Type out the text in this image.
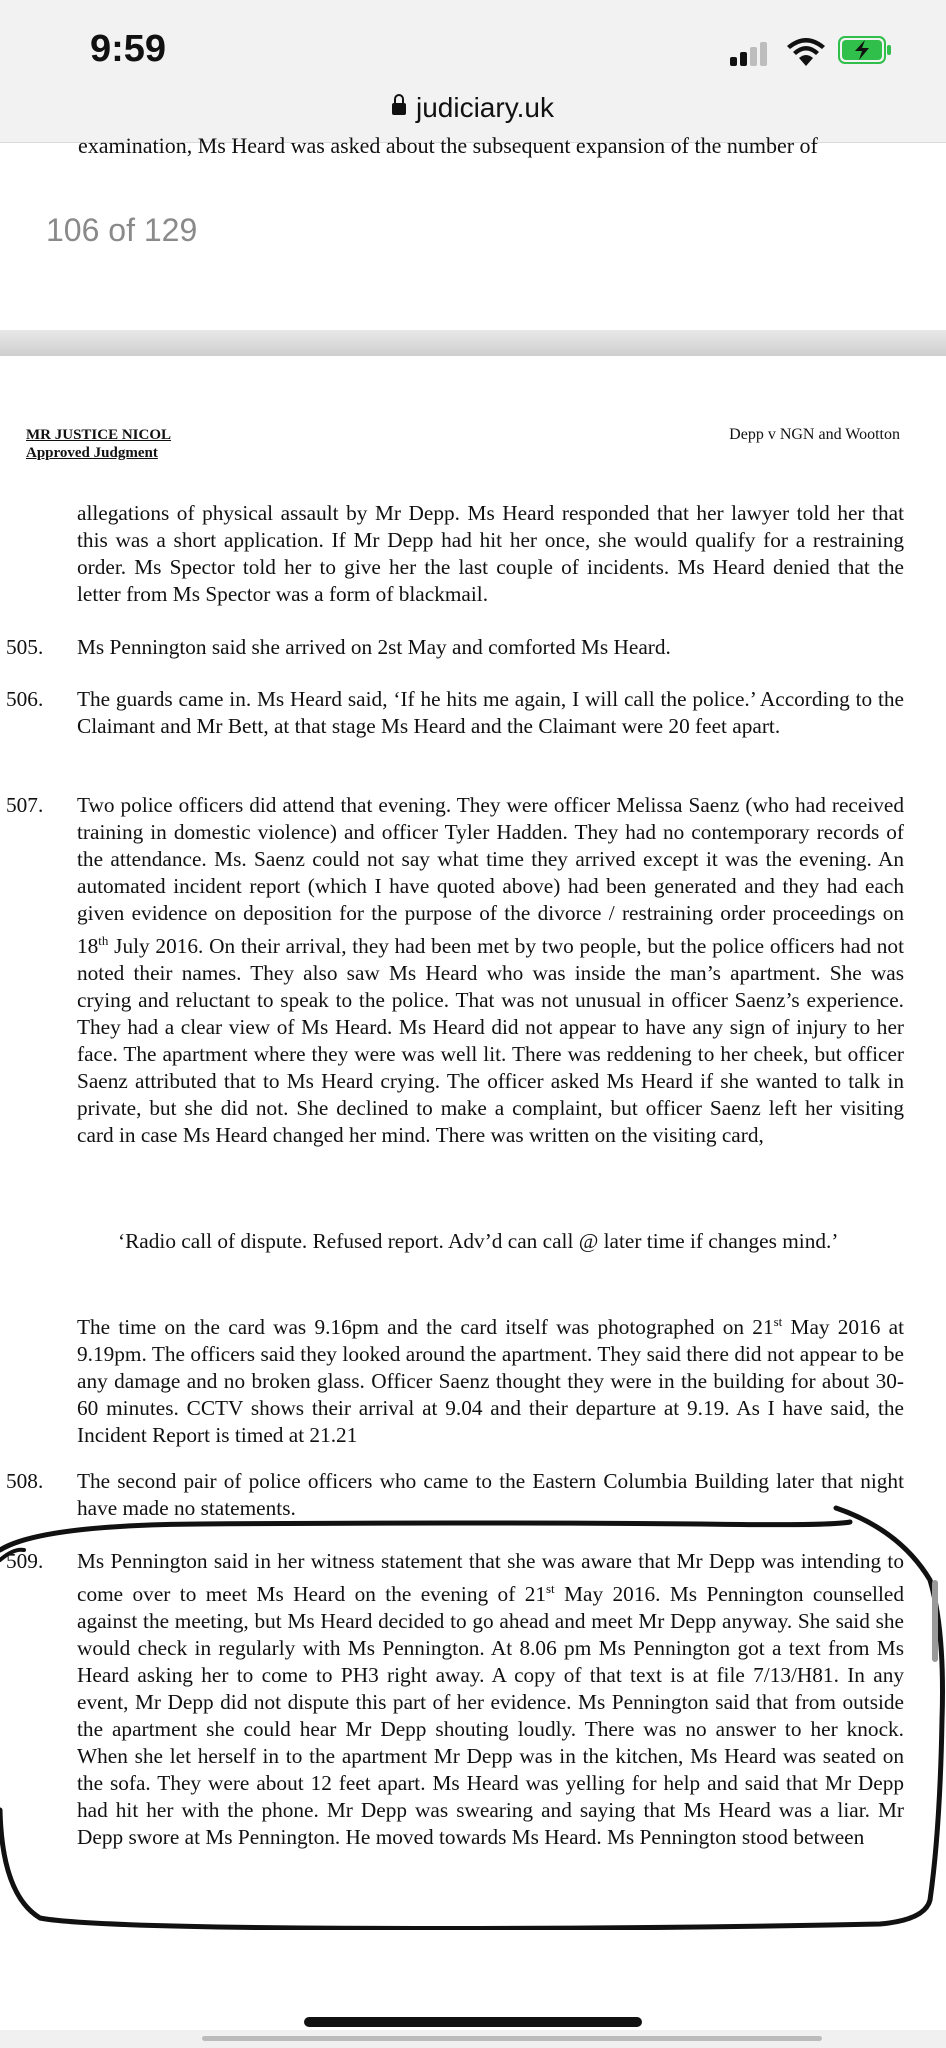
9:59
judiciary.uk
examination, Ms Heard was asked about the subsequent expansion of the number of
106 of 129
MR JUSTICE NICOL
Approved Judgment
Depp v NGN and Wootton

allegations of physical assault by Mr Depp. Ms Heard responded that her lawyer told her that this was a short application. If Mr Depp had hit her once, she would qualify for a restraining order. Ms Spector told her to give her the last couple of incidents. Ms Heard denied that the letter from Ms Spector was a form of blackmail.

505. Ms Pennington said she arrived on 2st May and comforted Ms Heard.

506. The guards came in. Ms Heard said, ‘If he hits me again, I will call the police.’ According to the Claimant and Mr Bett, at that stage Ms Heard and the Claimant were 20 feet apart.

507. Two police officers did attend that evening. They were officer Melissa Saenz (who had received training in domestic violence) and officer Tyler Hadden. They had no contemporary records of the attendance. Ms. Saenz could not say what time they arrived except it was the evening. An automated incident report (which I have quoted above) had been generated and they had each given evidence on deposition for the purpose of the divorce / restraining order proceedings on 18th July 2016. On their arrival, they had been met by two people, but the police officers had not noted their names. They also saw Ms Heard who was inside the man’s apartment. She was crying and reluctant to speak to the police. That was not unusual in officer Saenz’s experience. They had a clear view of Ms Heard. Ms Heard did not appear to have any sign of injury to her face. The apartment where they were was well lit. There was reddening to her cheek, but officer Saenz attributed that to Ms Heard crying. The officer asked Ms Heard if she wanted to talk in private, but she did not. She declined to make a complaint, but officer Saenz left her visiting card in case Ms Heard changed her mind. There was written on the visiting card,

‘Radio call of dispute. Refused report. Adv’d can call @ later time if changes mind.’

The time on the card was 9.16pm and the card itself was photographed on 21st May 2016 at 9.19pm. The officers said they looked around the apartment. They said there did not appear to be any damage and no broken glass. Officer Saenz thought they were in the building for about 30-60 minutes. CCTV shows their arrival at 9.04 and their departure at 9.19. As I have said, the Incident Report is timed at 21.21

508. The second pair of police officers who came to the Eastern Columbia Building later that night have made no statements.

509. Ms Pennington said in her witness statement that she was aware that Mr Depp was intending to come over to meet Ms Heard on the evening of 21st May 2016. Ms Pennington counselled against the meeting, but Ms Heard decided to go ahead and meet Mr Depp anyway. She said she would check in regularly with Ms Pennington. At 8.06 pm Ms Pennington got a text from Ms Heard asking her to come to PH3 right away. A copy of that text is at file 7/13/H81. In any event, Mr Depp did not dispute this part of her evidence. Ms Pennington said that from outside the apartment she could hear Mr Depp shouting loudly. There was no answer to her knock. When she let herself in to the apartment Mr Depp was in the kitchen, Ms Heard was seated on the sofa. They were about 12 feet apart. Ms Heard was yelling for help and said that Mr Depp had hit her with the phone. Mr Depp was swearing and saying that Ms Heard was a liar. Mr Depp swore at Ms Pennington. He moved towards Ms Heard. Ms Pennington stood between
